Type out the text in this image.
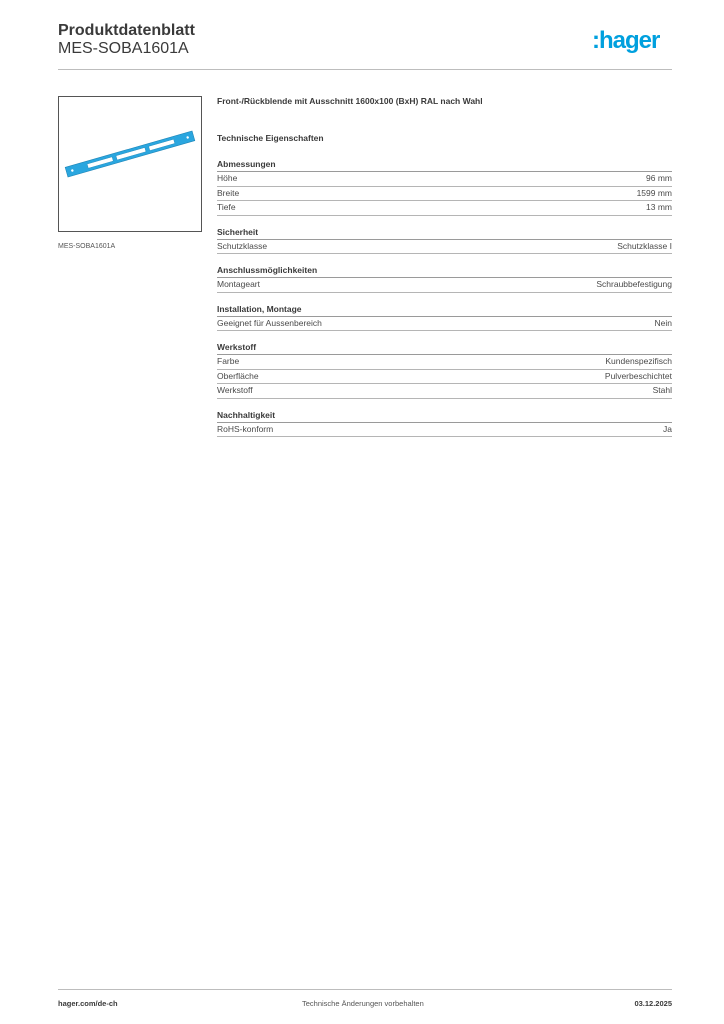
Produktdatenblatt
MES-SOBA1601A	:hager
MES-SOBA1601A
Front-/Rückblende mit Ausschnitt 1600x100 (BxH) RAL nach Wahl
Technische Eigenschaften
Abmessungen
Höhe	96 mm
Breite	1599 mm
Tiefe	13 mm
Sicherheit
Schutzklasse	Schutzklasse I
Anschlussmöglichkeiten
Montageart	Schraubbefestigung
Installation, Montage
Geeignet für Aussenbereich	Nein
Werkstoff
Farbe	Kundenspezifisch
Oberfläche	Pulverbeschichtet
Werkstoff	Stahl
Nachhaltigkeit
RoHS-konform	Ja
hager.com/de-ch	Technische Änderungen vorbehalten	03.12.2025
